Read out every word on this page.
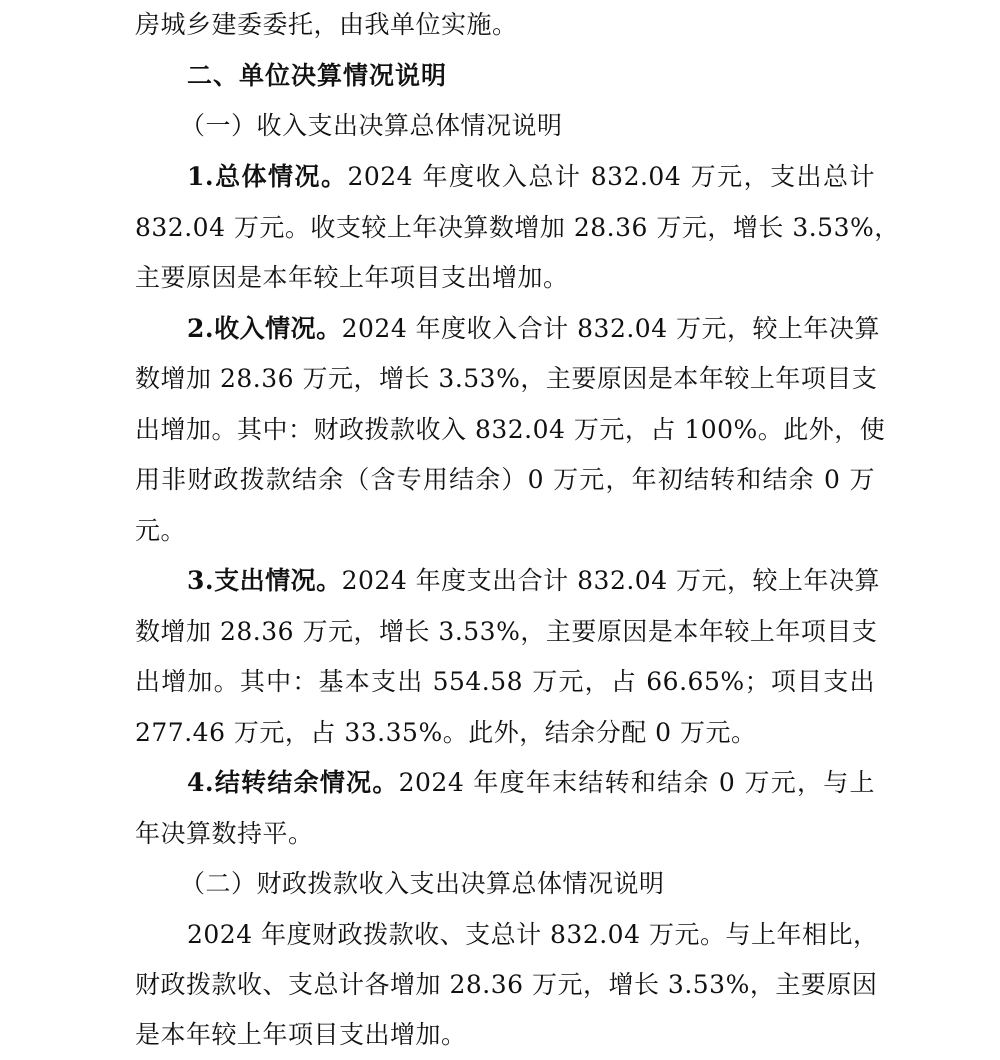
房城乡建委委托，由我单位实施。
二、单位决算情况说明
（一）收入支出决算总体情况说明
1.总体情况。2024 年度收入总计 832.04 万元，支出总计
832.04 万元。收支较上年决算数增加 28.36 万元，增长 3.53%，
主要原因是本年较上年项目支出增加。
2.收入情况。2024 年度收入合计 832.04 万元，较上年决算
数增加 28.36 万元，增长 3.53%，主要原因是本年较上年项目支
出增加。其中：财政拨款收入 832.04 万元，占 100%。此外，使
用非财政拨款结余（含专用结余）0 万元，年初结转和结余 0 万
元。
3.支出情况。2024 年度支出合计 832.04 万元，较上年决算
数增加 28.36 万元，增长 3.53%，主要原因是本年较上年项目支
出增加。其中：基本支出 554.58 万元，占 66.65%；项目支出
277.46 万元，占 33.35%。此外，结余分配 0 万元。
4.结转结余情况。2024 年度年末结转和结余 0 万元，与上
年决算数持平。
（二）财政拨款收入支出决算总体情况说明
2024 年度财政拨款收、支总计 832.04 万元。与上年相比，
财政拨款收、支总计各增加 28.36 万元，增长 3.53%，主要原因
是本年较上年项目支出增加。
